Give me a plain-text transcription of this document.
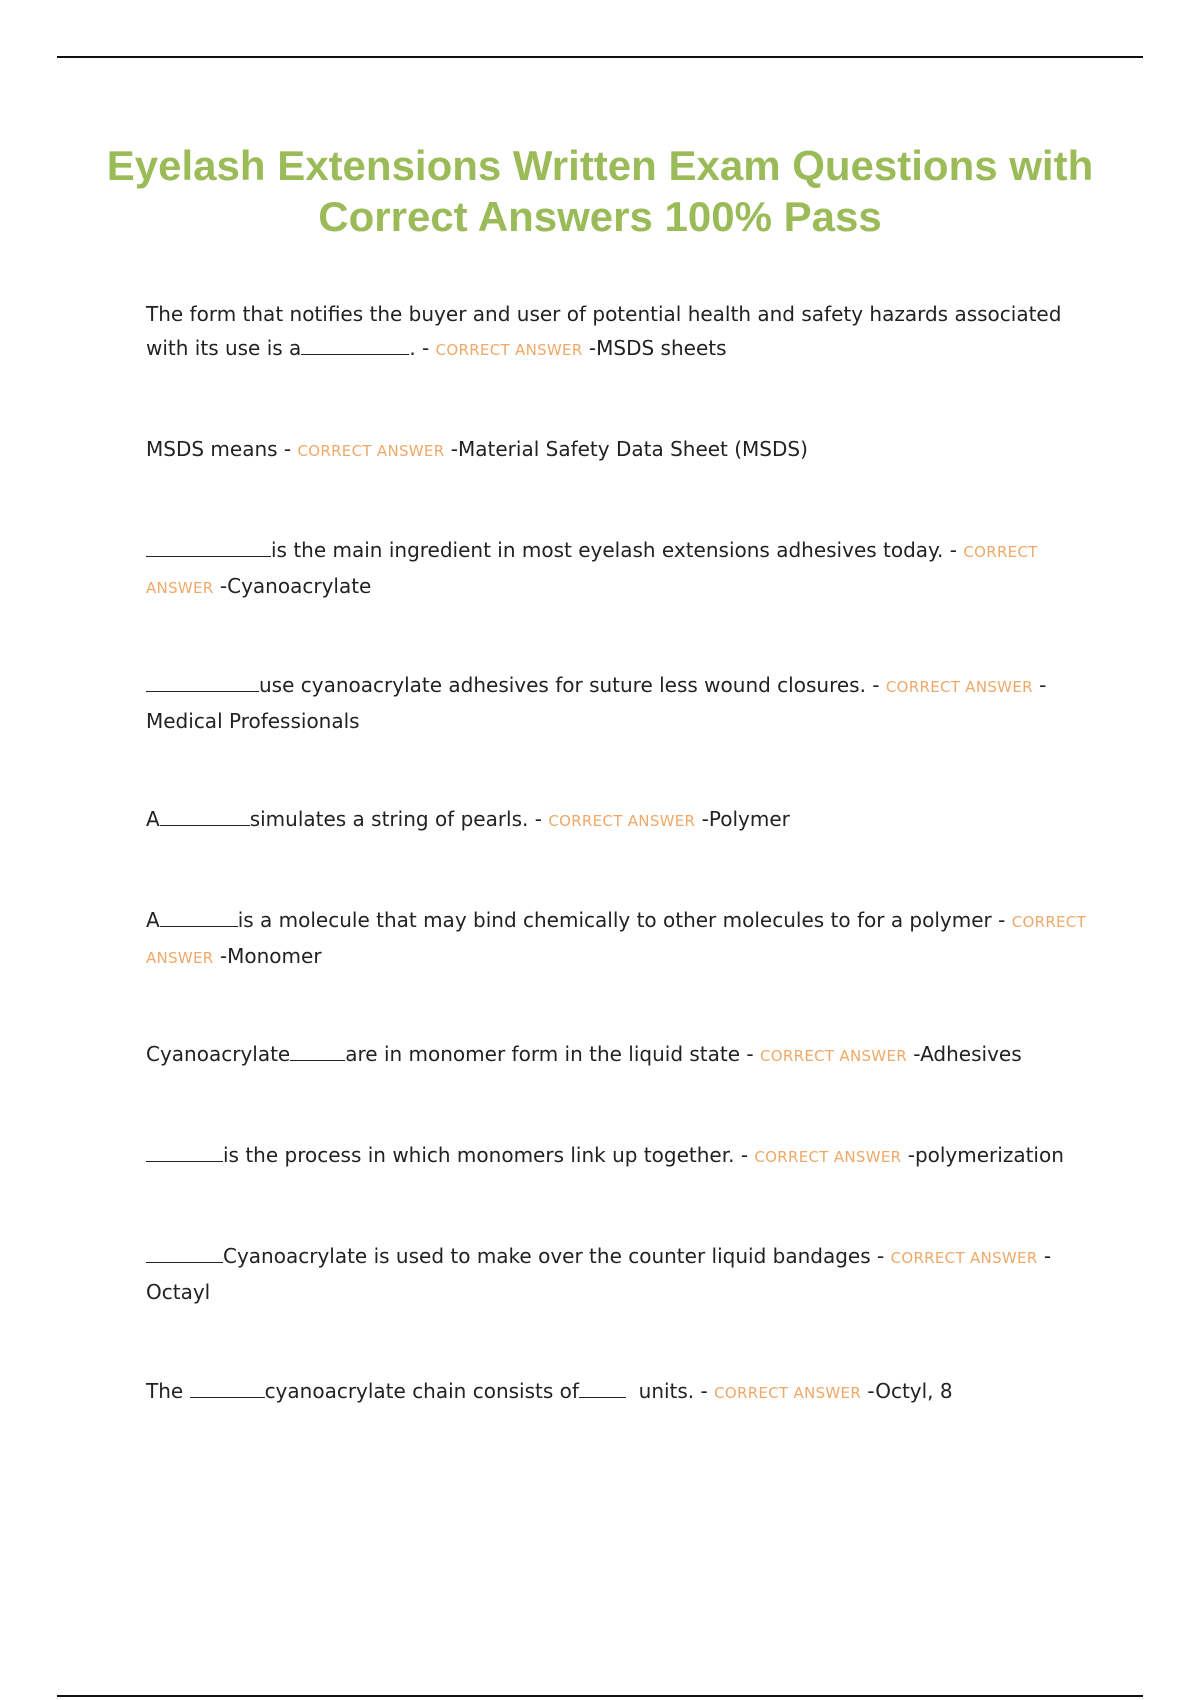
Eyelash Extensions Written Exam Questions with Correct Answers 100% Pass

The form that notifies the buyer and user of potential health and safety hazards associated with its use is a	. - CORRECT ANSWER -MSDS sheets

MSDS means - CORRECT ANSWER -Material Safety Data Sheet (MSDS)

is the main ingredient in most eyelash extensions adhesives today. - CORRECT ANSWER -Cyanoacrylate

use cyanoacrylate adhesives for suture less wound closures. - CORRECT ANSWER -Medical Professionals

A	simulates a string of pearls. - CORRECT ANSWER -Polymer

A	is a molecule that may bind chemically to other molecules to for a polymer - CORRECT ANSWER -Monomer

Cyanoacrylate	are in monomer form in the liquid state - CORRECT ANSWER -Adhesives

is the process in which monomers link up together. - CORRECT ANSWER -polymerization

Cyanoacrylate is used to make over the counter liquid bandages - CORRECT ANSWER -Octayl

The	cyanoacrylate chain consists of	units. - CORRECT ANSWER -Octyl, 8
